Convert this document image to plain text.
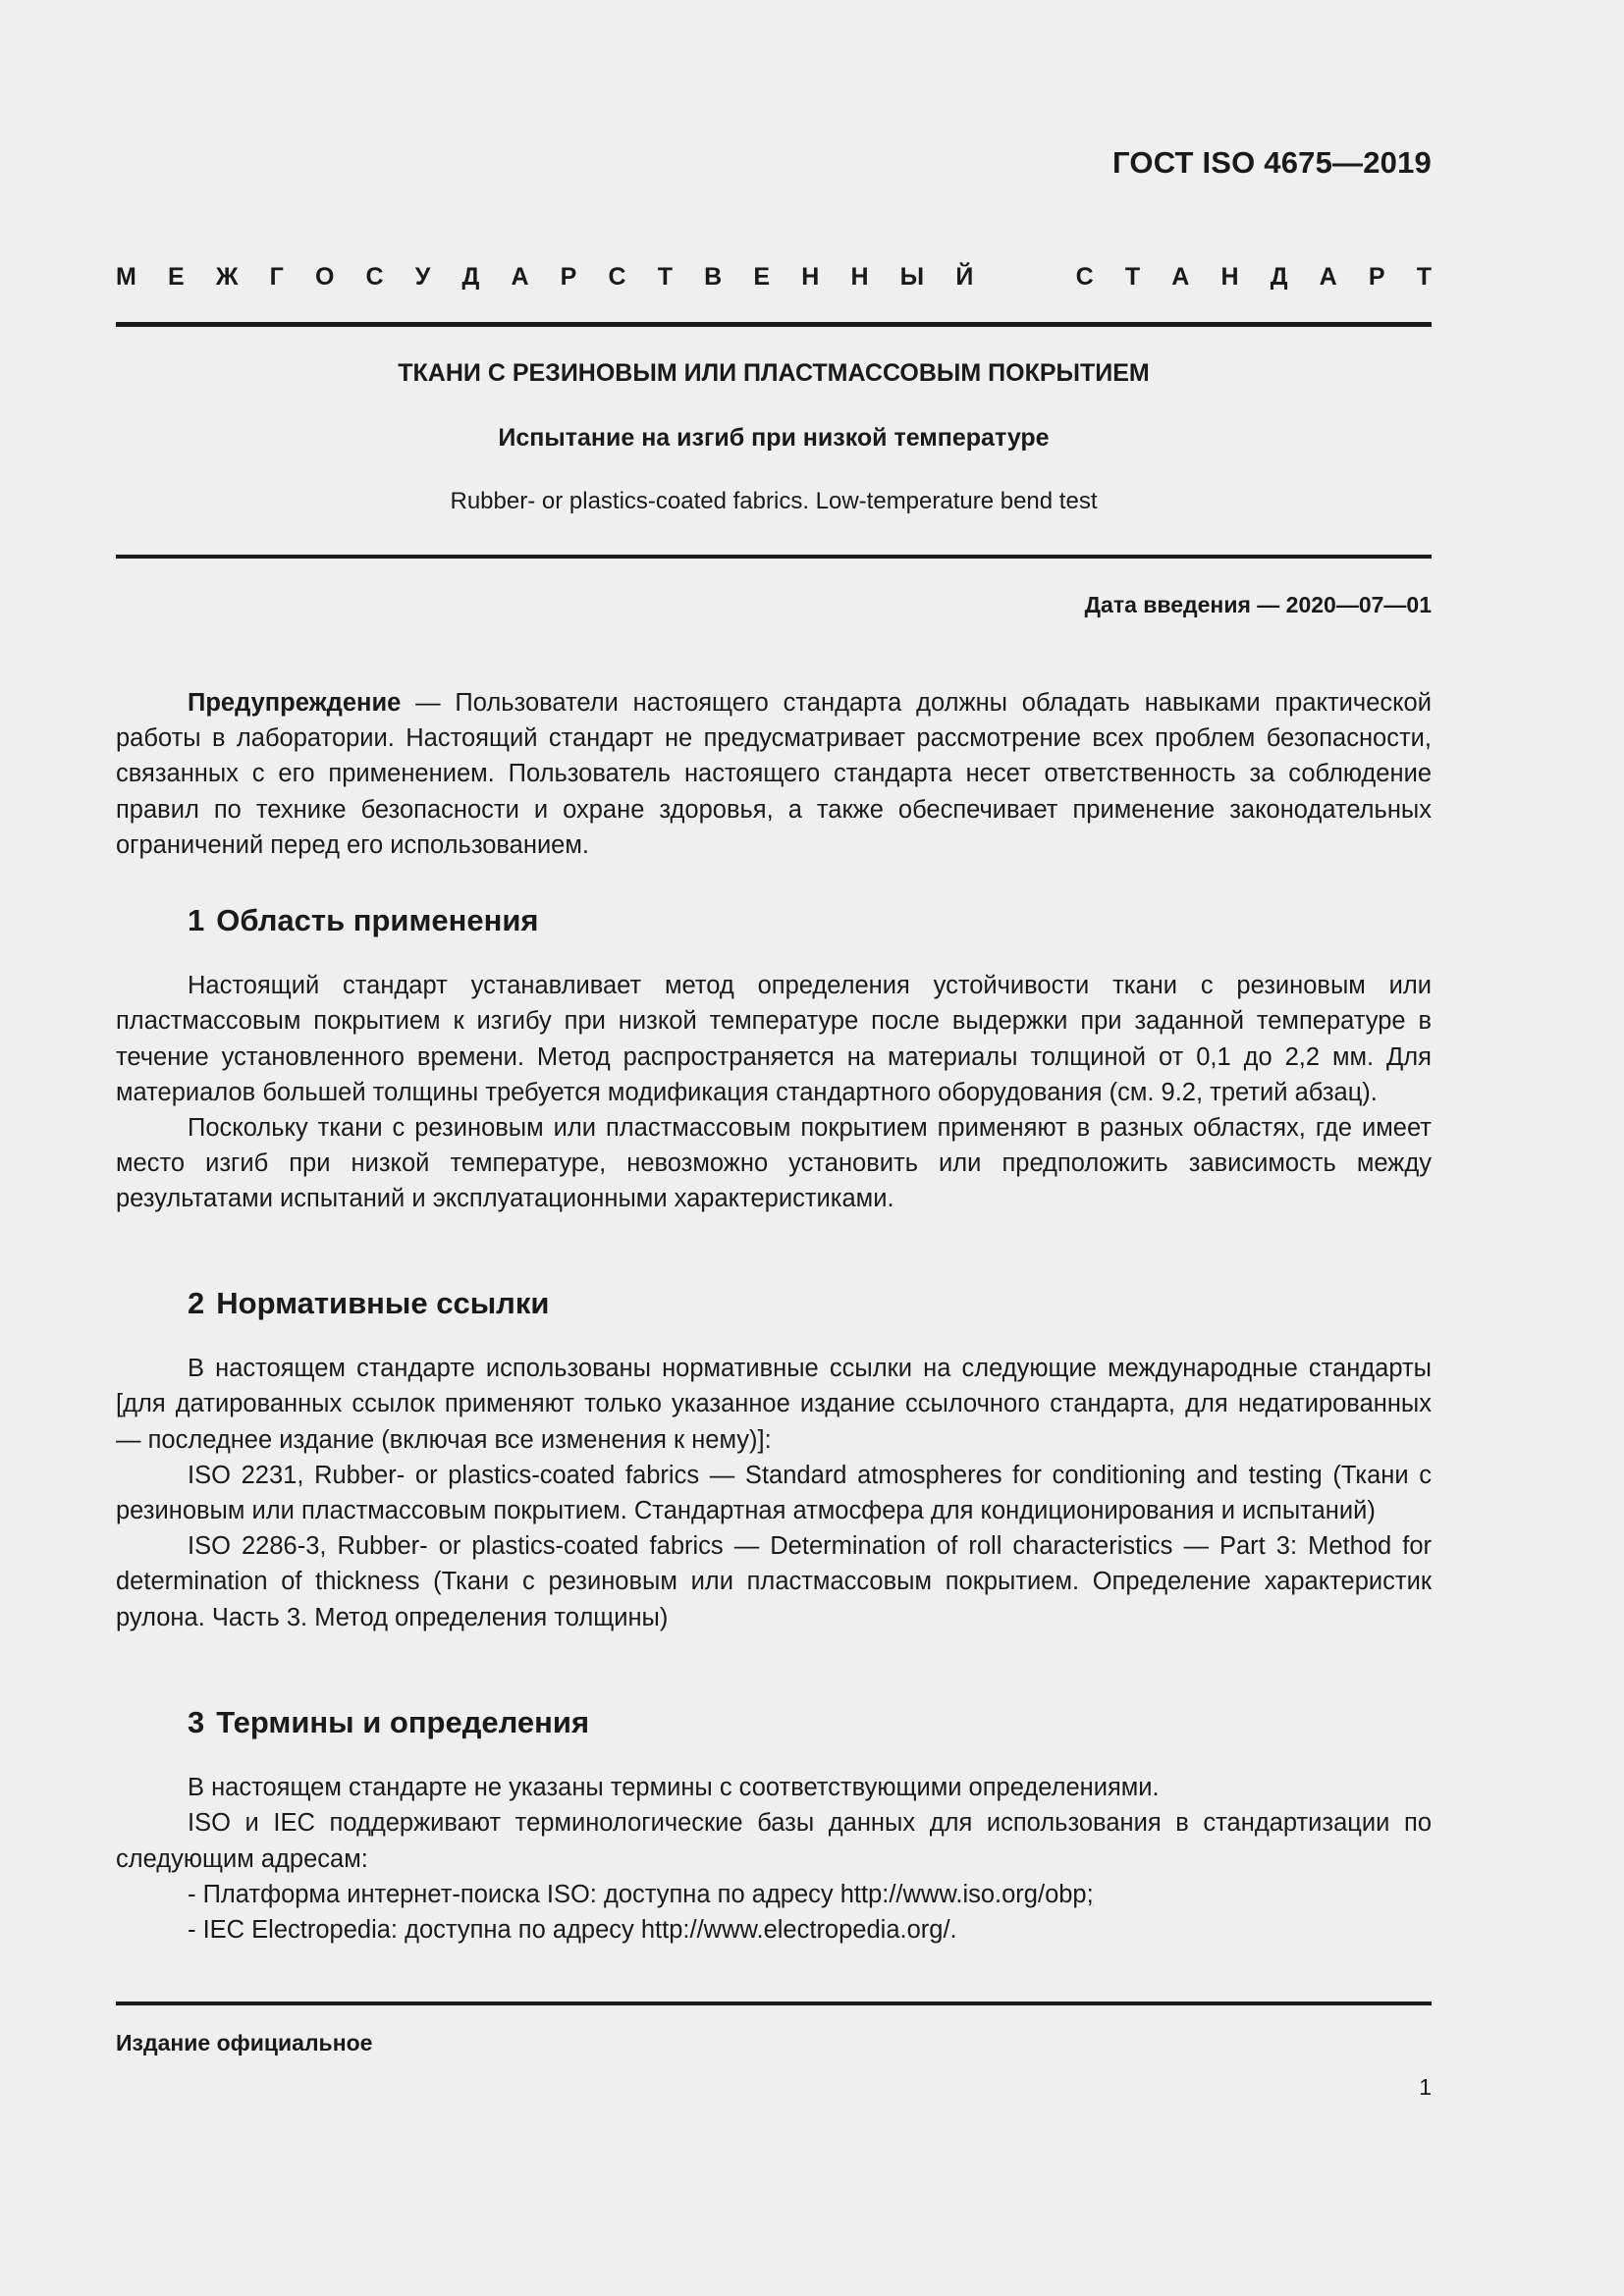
ГОСТ ISO 4675—2019
М Е Ж Г О С У Д А Р С Т В Е Н Н Ы Й	С Т А Н Д А Р Т
ТКАНИ С РЕЗИНОВЫМ ИЛИ ПЛАСТМАССОВЫМ ПОКРЫТИЕМ
Испытание на изгиб при низкой температуре
Rubber- or plastics-coated fabrics. Low-temperature bend test
Дата введения — 2020—07—01

Предупреждение — Пользователи настоящего стандарта должны обладать навыками практической работы в лаборатории. Настоящий стандарт не предусматривает рассмотрение всех проблем безопасности, связанных с его применением. Пользователь настоящего стандарта несет ответственность за соблюдение правил по технике безопасности и охране здоровья, а также обеспечивает применение законодательных ограничений перед его использованием.

1 Область применения

Настоящий стандарт устанавливает метод определения устойчивости ткани с резиновым или пластмассовым покрытием к изгибу при низкой температуре после выдержки при заданной температуре в течение установленного времени. Метод распространяется на материалы толщиной от 0,1 до 2,2 мм. Для материалов большей толщины требуется модификация стандартного оборудования (см. 9.2, третий абзац).

Поскольку ткани с резиновым или пластмассовым покрытием применяют в разных областях, где имеет место изгиб при низкой температуре, невозможно установить или предположить зависимость между результатами испытаний и эксплуатационными характеристиками.

2 Нормативные ссылки

В настоящем стандарте использованы нормативные ссылки на следующие международные стандарты [для датированных ссылок применяют только указанное издание ссылочного стандарта, для недатированных — последнее издание (включая все изменения к нему)]:

ISO 2231, Rubber- or plastics-coated fabrics — Standard atmospheres for conditioning and testing (Ткани с резиновым или пластмассовым покрытием. Стандартная атмосфера для кондиционирования и испытаний)

ISO 2286-3, Rubber- or plastics-coated fabrics — Determination of roll characteristics — Part 3: Method for determination of thickness (Ткани с резиновым или пластмассовым покрытием. Определение характеристик рулона. Часть 3. Метод определения толщины)

3 Термины и определения

В настоящем стандарте не указаны термины с соответствующими определениями.

ISO и IEC поддерживают терминологические базы данных для использования в стандартизации по следующим адресам:

- Платформа интернет-поиска ISO: доступна по адресу http://www.iso.org/obp;

- IEC Electropedia: доступна по адресу http://www.electropedia.org/.

Издание официальное
1
